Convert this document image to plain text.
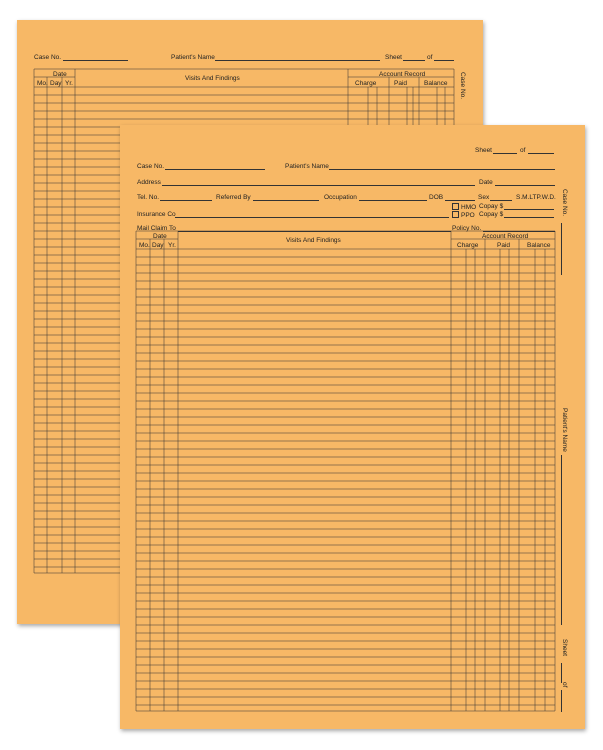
Case No.	Patient's Name	Sheet	of
Date
Mo. Day Yr.
Visits And Findings
Account Record
Charge	Paid	Balance Case No.
Sheet	of
Case No.	Patient's Name
Address	Date
Tel. No.	Referred By	Occupation	DOB	Sex	S.M.LTP.W.D.
Insurance Co
HMO Copay $
PPO Copay $
Mail Claim To	Policy No.
Date
Mo. Day Yr.
Visits And Findings
Account Record
Charge	Paid	Balance
Case No.
Patient's Name
Sheet
of
